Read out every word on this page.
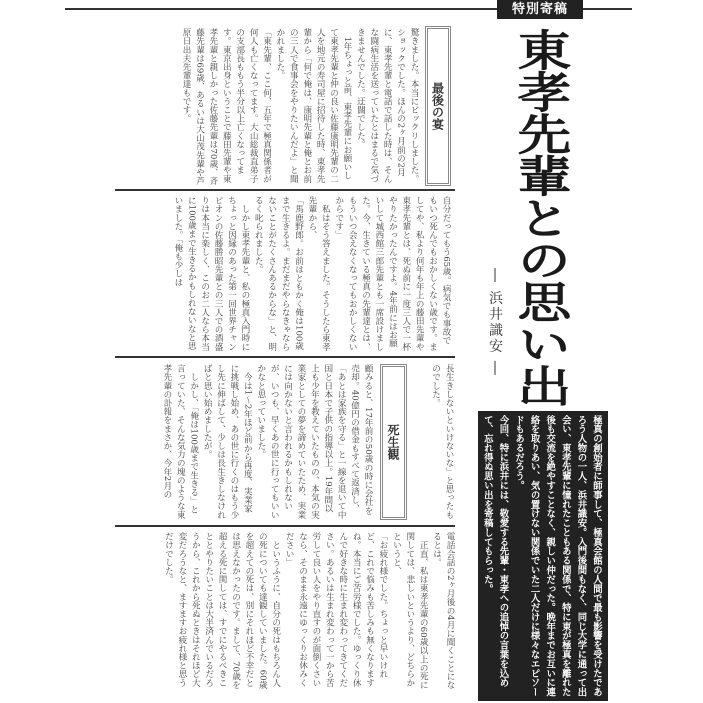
特別寄稿
最後の宴
驚きました。本当にビックリしました。ショックでした。ほんの2ヶ月前の2月に、東孝先輩と電話で話した時は、そんな闘病生活を送っていたとはまるで気づきませんでした。迂闊でした。
　1年ちょっと前、東孝先輩にお願いして東孝先輩と仲の良い佐藤康明先輩の二人を地元の寿司屋に招待した時、東孝先輩から「何で俺は、康明先輩と俺とお前の三人で食事会をやりたいんだよ」と聞かれました。
「東先輩、ここ何、五年で極真関係者が何人も亡くなってます。大山総裁直弟子の支部長ももう半分以上亡くなってます。東京出身ということで藤田先輩や東孝先輩と親しかった佐藤先輩は70歳、斉藤先輩は69歳、あるいは大山茂先輩や芦原日出夫先輩達もです。
自分だってもう65歳。病気でも事故でもいつ死んでもおかしくない歳です。ましてや、私より何年も年上の藤田先輩や東孝先輩とは、死ぬ前に一度三人で一杯やりたかったんですよ。4年前にはお願いして城西館三郎先輩とも一席設けました。今、生きている極真の先輩達とは、もういつ会えなくなってもおかしくないからです」
　私はそう答えました。そうしたら東孝先輩から、
「馬鹿野郎。お前はともかく俺は100歳まで生きるよ。まだまだやらなきゃならないことがたくさんあるからな」と、明るく叱られました。
　しかし東孝先輩と、私の極真入門時にちょっと因縁のあった第一回世界チャンピオンの佐藤勝昭先輩との三人での酒盛りは本当に楽しく、このお二人なら本当に100歳まで生きるかもしれないなと思いました。「俺も少しは
長生きしないといけないな」と思ったものでした。
死生観
顧みると、17年前の50歳の時に会社を売却。40億円の借金もすべて返済し、「あとは家族を守る」と一線を退いて中国と日本で子供の指導以上。19年間以上も少年を教えていたものの、本気の実業家としての夢を諦めていたため、実業には向かないと言われるかもしれないが、いつも、早くあの世に行ってもいいかなと思っていました。
　今は1～2年ほど前から再度、実業家に挑戦し始め、あの世に行くのはもう少し先に伸ばして、少しは長生きしなければと思い始めましたが。
　しかし、「俺は100歳まで生きる」と言っていた、そんな気力の塊のような東孝先輩の訃報をまさか、今年2月の
電話会話の2ヶ月後の4月に聞くことになるとは。
　正直、私は東孝先輩の60歳以上の死に関しては、悲しいというより、どちらかというと、
「お疲れ様でした。ちょっと早いけれど、これで悩みも苦しみも無くなりますね。本当にご苦労様でした。ゆっくり休んで好きな時に生まれ変わってきてください。あるいは生まれ変わって一から苦労して良い人をやり直すのが面倒くさいなら、そのまま永遠にゆっくりお休みください」
　というふうに、自分の死はもちろん人の死についても達観していました。60歳を超えての死は、別にそれほど不幸だとは思えなかったのです。まして、70歳を超える死に関しては、すでにやるべきこととやりたいことは大半済んでいるだろうから、これから死ぬときはそれほど大変だろうなと、ますますお疲れ様と思うだけでした。
東孝先輩との思い出
― 浜井識安 ―
極真の創始者に師事して、極真会館の人間で最も影響を受けたであろう人物の一人、浜井識安。入門後間もなく、同じ大学に通って出会い、東孝先輩に憧れたこともある関係で、特に東が極真を離れた後も交流を絶やすことなく、親しい仲だった。晩年までお互いに連絡を取りあい、気の置けない関係でいた二人だけに様々なエピソードもあるだろう。
今回、特に浜井には、敬愛する先輩・東孝への追悼の言葉を込めて、忘れ得ぬ思い出を寄稿してもらった。
